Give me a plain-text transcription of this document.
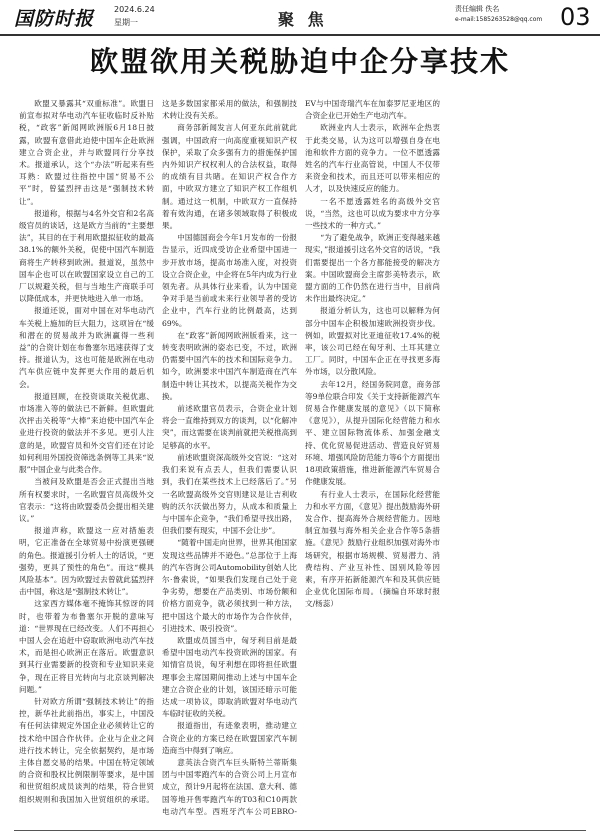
国防时报 2024.6.24
星期一	聚 焦
责任编辑 佚名
e-mail:1585263528@qq.com 03
欧盟欲用关税胁迫中企分享技术

欧盟又暴露其“双重标准”。欧盟日前宣布拟对华电动汽车征收临时反补贴税，“政客”新闻网欧洲版6月18日披露，欧盟有意借此迫使中国车企赴欧洲建立合资企业，并与欧盟同行分享技术。报道承认，这个“办法”听起来有些耳熟：欧盟过往指控中国“贸易不公平”时，曾猛烈抨击这是“强制技术转让”。

报道称，根据与4名外交官和2名高级官员的谈话，这是欧方当前的“主要想法”，其目的在于利用欧盟拟征收的最高38.1%的额外关税，促使中国汽车制造商将生产转移到欧洲。报道说，虽然中国车企也可以在欧盟国家设立自己的工厂以规避关税，但与当地生产商联手可以降低成本，并更快地进入单一市场。

报道还说，面对中国在对华电动汽车关税上施加的巨大阻力，这项旨在“缓和潜在的贸易战并为欧洲赢得一些利益”的合资计划在布鲁塞尔迅速获得了支持。报道认为，这也可能是欧洲在电动汽车供应链中发挥更大作用的最后机会。

报道回顾，在投资谈取关税优惠、市场准入等的做法已不新鲜。但欧盟此次抨击关税等“大棒”来迫使中国汽车企业进行投资的做法并不多见。更引人注意的是，欧盟官员和外交官们还在讨论如何利用外国投资筛选条例等工具来“说服”中国企业与此类合作。

当被问及欧盟是否会正式提出当地所有权要求时，一名欧盟官员高级外交官表示：“这将由欧盟委员会提出相关建议。”

报道声称，欧盟这一应对措施表明，它正准备在全球贸易中扮演更强硬的角色。报道援引分析人士的话说，“更强势，更具了预性的角色”。而这“模具风险基本”。因为欧盟过去曾就此猛烈抨击中国，称这是“强制技术转让”。

这家西方媒体毫不掩饰其惊讶的同时，也带着为布鲁塞尔开脱的意味写道：“世界现在已经改变。人们不再担心中国人会在追赶中窃取欧洲电动汽车技术，而是担心欧洲正在落后。欧盟意识到其行业需要新的投资和专业知识来竞争，现在正将目光转向与北京谈判解决问题。”

针对欧方所谓“强制技术转让”的指控，新华社此前指出，事实上，中国没有任何法律规定外国企业必须转让它的技术给中国合作伙伴。企业与企业之间进行技术转让，完全依据契约，是市场主体自愿交易的结果。中国在特定领域的合资和股权比例限制等要求，是中国和世贸组织成员谈判的结果，符合世贸组织规则和我国加入世贸组织的承诺。这是多数国家都采用的做法，和强制技术转让没有关系。

商务部新闻发言人何亚东此前就此强调，中国政府一向高度重视知识产权保护，采取了众多强有力的措施保护国内外知识产权权利人的合法权益，取得的成绩有目共睹。在知识产权合作方面，中欧双方建立了知识产权工作组机制。通过这一机制，中欧双方一直保持着有效沟通，在诸多领域取得了积极成果。

中国德国商会今年1月发布的一份报告显示，近四成受访企业希望中国进一步开放市场，提高市场准入度，对投资设立合资企业，中企将在5年内成为行业领先者。从具体行业来看，认为中国竞争对手是当前或未来行业领导者的受访企业中，汽车行业的比例最高，达到69%。

在“政客”新闻网欧洲版看来，这一转变表明欧洲的姿态已变，不过，欧洲仍需要中国汽车的技术和国际竞争力。如今，欧洲要求中国汽车制造商在汽车制造中转让其技术，以提高关税作为交换。

前述欧盟官员表示，合资企业计划将会一直维持到双方的谈判，以“化解冲突”，而这需要在谈判前就把关税推高到足够高的水平。

前述欧盟资深高级外交官说：“这对我们来说有点丢人，但我们需要认识到，我们在某些技术上已经落后了。”另一名欧盟高级外交官则建议是让吉利收购的沃尔沃做出努力，从成本和质量上与中国车企竞争，“我们希望寻找出路，但我们要有现实，中国不会让步”。

“随着中国走向世界，世界其他国家发现这些品牌并不逊色。”总部位于上海的汽车咨询公司Automobility创始人比尔·鲁索说，“如果我们发现自己处于竞争劣势，想要在产品类别、市场份额和价格方面竞争，就必须找到一种方法，把中国这个最大的市场作为合作伙伴，引进技术、吸引投资”。

欧盟成员国当中，匈牙利目前是最希望中国电动汽车投资欧洲的国家。有知情官员说，匈牙利想在即将担任欧盟理事会主席国期间推动上述与中国车企建立合资企业的计划，该国还暗示可能达成一项协议，即取消欧盟对华电动汽车临时征收的关税。

报道指出，有迹象表明，推动建立合资企业的方案已经在欧盟国家汽车制造商当中得到了响应。

意英法合资汽车巨头斯特兰蒂斯集团与中国零跑汽车的合资公司上月宣布成立，预计9月起将在法国、意大利、德国等地开售零跑汽车的T03和C10两款电动汽车型。西班牙汽车公司EBRO-EV与中国奇瑞汽车在加泰罗尼亚地区的合资企业已开始生产电动汽车。

欧洲业内人士表示，欧洲车企热衷于此类交易，认为这可以增强自身在电池和软件方面的竞争力。一位不愿透露姓名的汽车行业高管说，中国人不仅带来资金和技术，而且还可以带来相应的人才，以及快速反应的能力。

一名不愿透露姓名的高级外交官说，“当然，这也可以成为要求中方分享一些技术的一种方式。”

“为了避免战争，欧洲正变得越来越现实，”报道援引这名外交官的话说，“我们需要提出一个各方都能接受的解决方案。中国欧盟商会主席彭美特表示，欧盟方面的工作仍然在进行当中，目前尚未作出最终决定。”

报道分析认为，这也可以解释为何部分中国车企积极加速欧洲投资步伐。例如，欧盟拟对比亚迪征收17.4%的税率，该公司已经在匈牙利、土耳其建立工厂。同时，中国车企正在寻找更多海外市场，以分散风险。

去年12月，经国务院同意，商务部等9单位联合印发《关于支持新能源汽车贸易合作健康发展的意见》（以下简称《意见》），从提升国际化经营能力和水平、建立国际物流体系、加强金融支持、优化贸易促进活动、营造良好贸易环境、增强风险防范能力等6个方面提出18项政策措施，推进新能源汽车贸易合作健康发展。

有行业人士表示，在国际化经营能力和水平方面，《意见》提出鼓励海外研发合作、提高海外合规经营能力。因地制宜加强与海外相关企业合作等5条措施。《意见》鼓励行业组织加强对海外市场研究，根据市场规模、贸易潜力、消费结构、产业互补性、国别风险等因素，有序开拓新能源汽车和及其供应链企业优化国际布局。（摘编自环球时报 文/杨蕊）
